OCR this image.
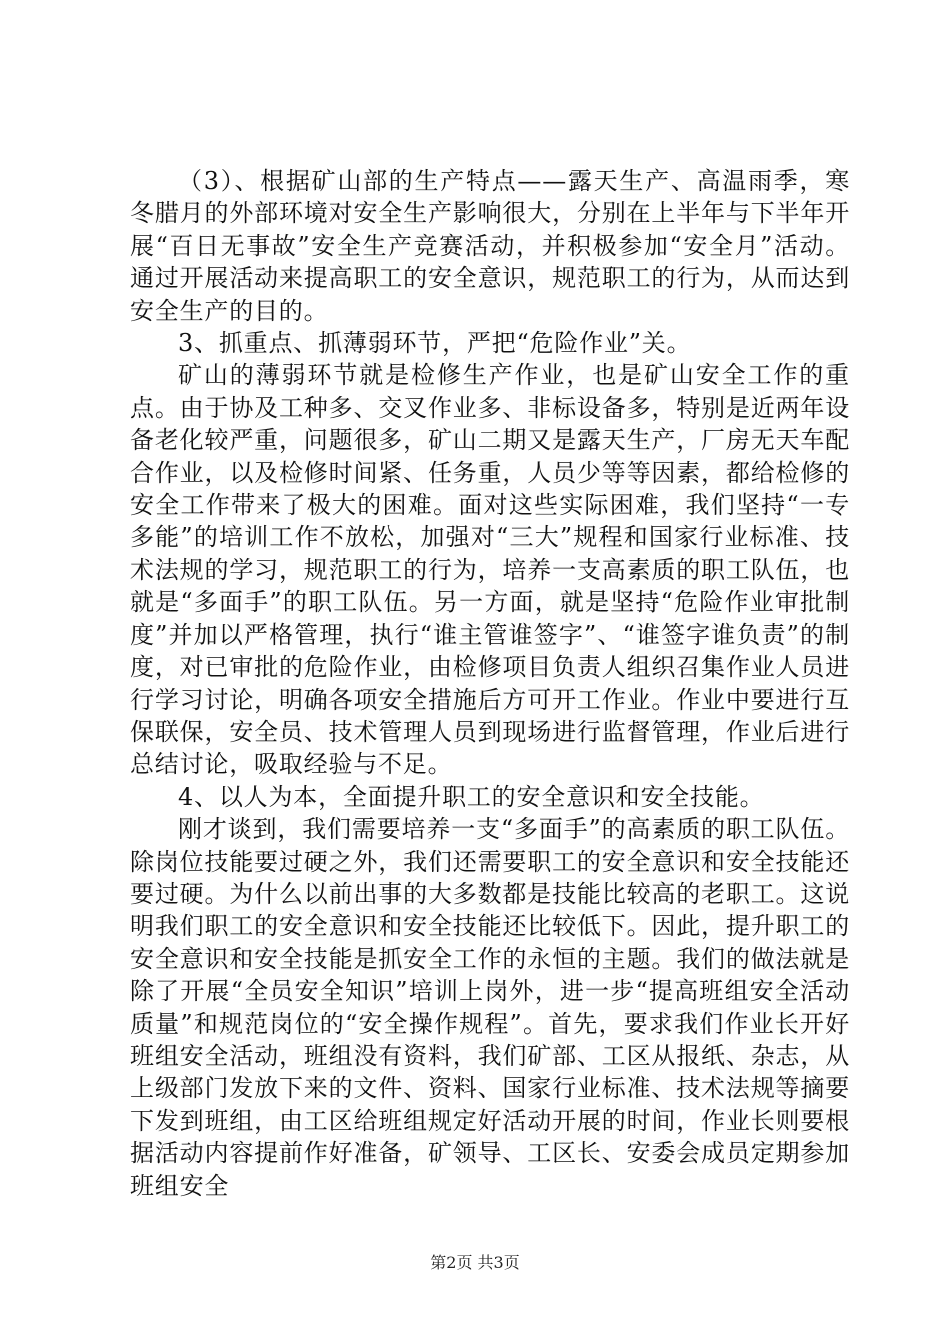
（3）、根据矿山部的生产特点——露天生产、高温雨季，寒冬腊月的外部环境对安全生产影响很大，分别在上半年与下半年开展“百日无事故”安全生产竞赛活动，并积极参加“安全月”活动。通过开展活动来提高职工的安全意识，规范职工的行为，从而达到安全生产的目的。

3、抓重点、抓薄弱环节，严把“危险作业”关。

矿山的薄弱环节就是检修生产作业，也是矿山安全工作的重点。由于协及工种多、交叉作业多、非标设备多，特别是近两年设备老化较严重，问题很多，矿山二期又是露天生产，厂房无天车配合作业，以及检修时间紧、任务重，人员少等等因素，都给检修的安全工作带来了极大的困难。面对这些实际困难，我们坚持“一专多能”的培训工作不放松，加强对“三大”规程和国家行业标准、技术法规的学习，规范职工的行为，培养一支高素质的职工队伍，也就是“多面手”的职工队伍。另一方面，就是坚持“危险作业审批制度”并加以严格管理，执行“谁主管谁签字”、“谁签字谁负责”的制度，对已审批的危险作业，由检修项目负责人组织召集作业人员进行学习讨论，明确各项安全措施后方可开工作业。作业中要进行互保联保，安全员、技术管理人员到现场进行监督管理，作业后进行总结讨论，吸取经验与不足。

4、以人为本，全面提升职工的安全意识和安全技能。

刚才谈到，我们需要培养一支“多面手”的高素质的职工队伍。除岗位技能要过硬之外，我们还需要职工的安全意识和安全技能还要过硬。为什么以前出事的大多数都是技能比较高的老职工。这说明我们职工的安全意识和安全技能还比较低下。因此，提升职工的安全意识和安全技能是抓安全工作的永恒的主题。我们的做法就是除了开展“全员安全知识”培训上岗外，进一步“提高班组安全活动质量”和规范岗位的“安全操作规程”。首先，要求我们作业长开好班组安全活动，班组没有资料，我们矿部、工区从报纸、杂志，从上级部门发放下来的文件、资料、国家行业标准、技术法规等摘要下发到班组，由工区给班组规定好活动开展的时间，作业长则要根据活动内容提前作好准备，矿领导、工区长、安委会成员定期参加班组安全

第2页 共3页
